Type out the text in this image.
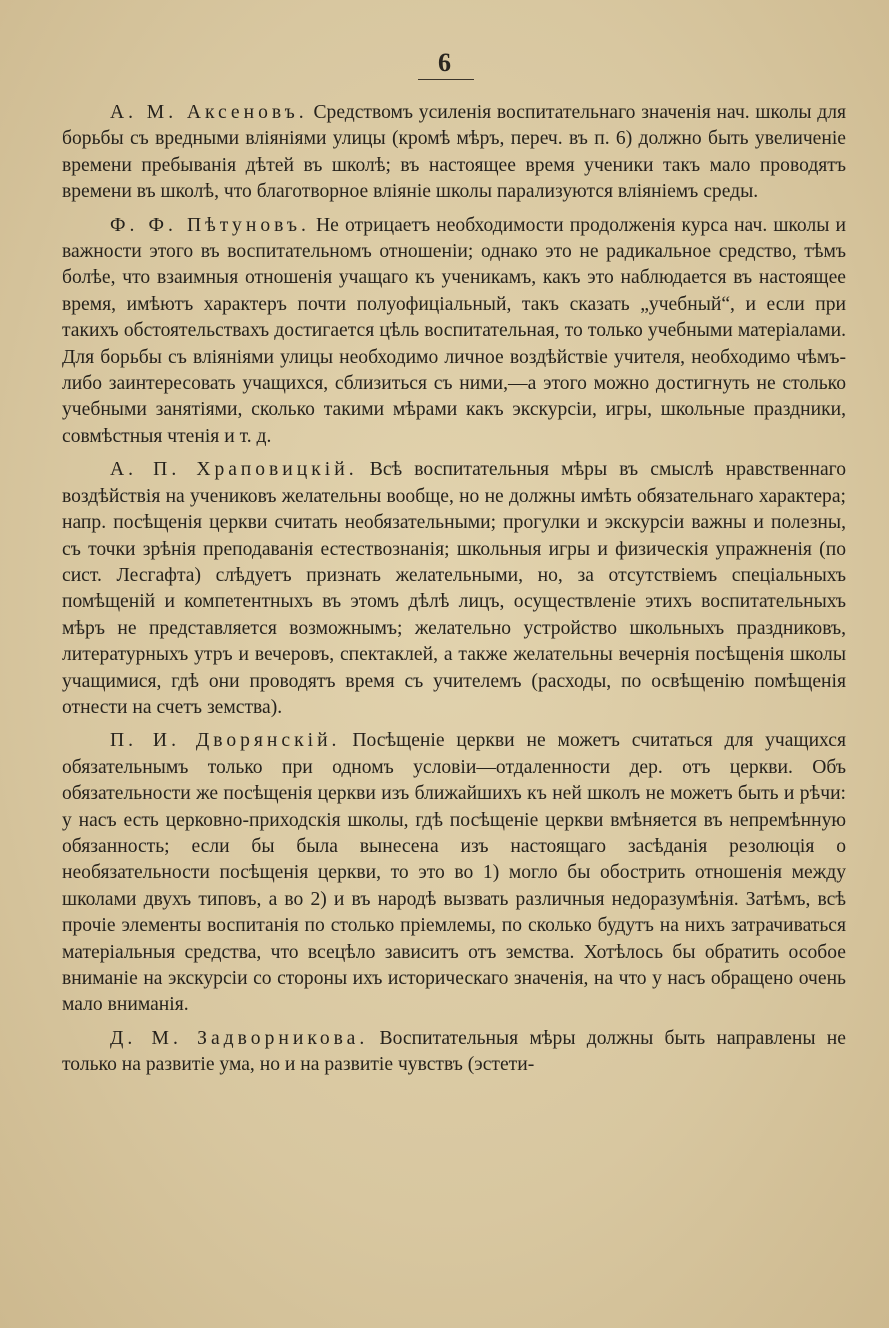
6

А. М. Аксеновъ. Средствомъ усиленія воспитательнаго значенія нач. школы для борьбы съ вредными вліяніями улицы (кромѣ мѣръ, переч. въ п. 6) должно быть увеличеніе времени пребыванія дѣтей въ школѣ; въ настоящее время ученики такъ мало проводятъ времени въ школѣ, что благотворное вліяніе школы парализуются вліяніемъ среды.

Ф. Ф. Пѣтуновъ. Не отрицаетъ необходимости продолженія курса нач. школы и важности этого въ воспитательномъ отношеніи; однако это не радикальное средство, тѣмъ болѣе, что взаимныя отношенія учащаго къ ученикамъ, какъ это наблюдается въ настоящее время, имѣютъ характеръ почти полуофиціальный, такъ сказать „учебный“, и если при такихъ обстоятельствахъ достигается цѣль воспитательная, то только учебными матеріалами. Для борьбы съ вліяніями улицы необходимо личное воздѣйствіе учителя, необходимо чѣмъ-либо заинтересовать учащихся, сблизиться съ ними,—а этого можно достигнуть не столько учебными занятіями, сколько такими мѣрами какъ экскурсіи, игры, школьные праздники, совмѣстныя чтенія и т. д.

А. П. Храповицкій. Всѣ воспитательныя мѣры въ смыслѣ нравственнаго воздѣйствія на учениковъ желательны вообще, но не должны имѣть обязательнаго характера; напр. посѣщенія церкви считать необязательными; прогулки и экскурсіи важны и полезны, съ точки зрѣнія преподаванія естествознанія; школьныя игры и физическія упражненія (по сист. Лесгафта) слѣдуетъ признать желательными, но, за отсутствіемъ спеціальныхъ помѣщеній и компетентныхъ въ этомъ дѣлѣ лицъ, осуществленіе этихъ воспитательныхъ мѣръ не представляется возможнымъ; желательно устройство школьныхъ праздниковъ, литературныхъ утръ и вечеровъ, спектаклей, а также желательны вечернія посѣщенія школы учащимися, гдѣ они проводятъ время съ учителемъ (расходы, по освѣщенію помѣщенія отнести на счетъ земства).

П. И. Дворянскій. Посѣщеніе церкви не можетъ считаться для учащихся обязательнымъ только при одномъ условіи—отдаленности дер. отъ церкви. Объ обязательности же посѣщенія церкви изъ ближайшихъ къ ней школъ не можетъ быть и рѣчи: у насъ есть церковно-приходскія школы, гдѣ посѣщеніе церкви вмѣняется въ непремѣнную обязанность; если бы была вынесена изъ настоящаго засѣданія резолюція о необязательности посѣщенія церкви, то это во 1) могло бы обострить отношенія между школами двухъ типовъ, а во 2) и въ народѣ вызвать различныя недоразумѣнія. Затѣмъ, всѣ прочіе элементы воспитанія по столько пріемлемы, по сколько будутъ на нихъ затрачиваться матеріальныя средства, что всецѣло зависитъ отъ земства. Хотѣлось бы обратить особое вниманіе на экскурсіи со стороны ихъ историческаго значенія, на что у насъ обращено очень мало вниманія.

Д. М. Задворникова. Воспитательныя мѣры должны быть направлены не только на развитіе ума, но и на развитіе чувствъ (эстети-
